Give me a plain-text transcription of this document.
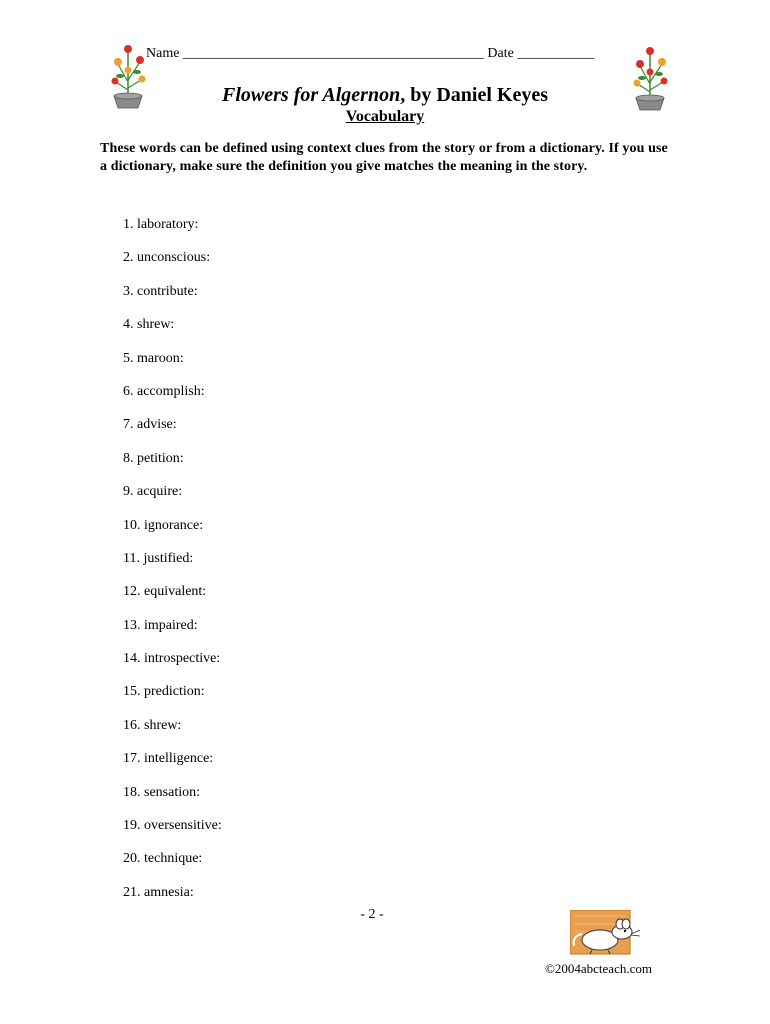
Name ___________________________________________ Date ___________
Flowers for Algernon, by Daniel Keyes
Vocabulary
These words can be defined using context clues from the story or from a dictionary. If you use a dictionary, make sure the definition you give matches the meaning in the story.
1. laboratory:
2. unconscious:
3. contribute:
4. shrew:
5. maroon:
6. accomplish:
7. advise:
8. petition:
9. acquire:
10. ignorance:
11. justified:
12. equivalent:
13. impaired:
14. introspective:
15. prediction:
16. shrew:
17. intelligence:
18. sensation:
19. oversensitive:
20. technique:
21. amnesia:
- 2 -
©2004abcteach.com
